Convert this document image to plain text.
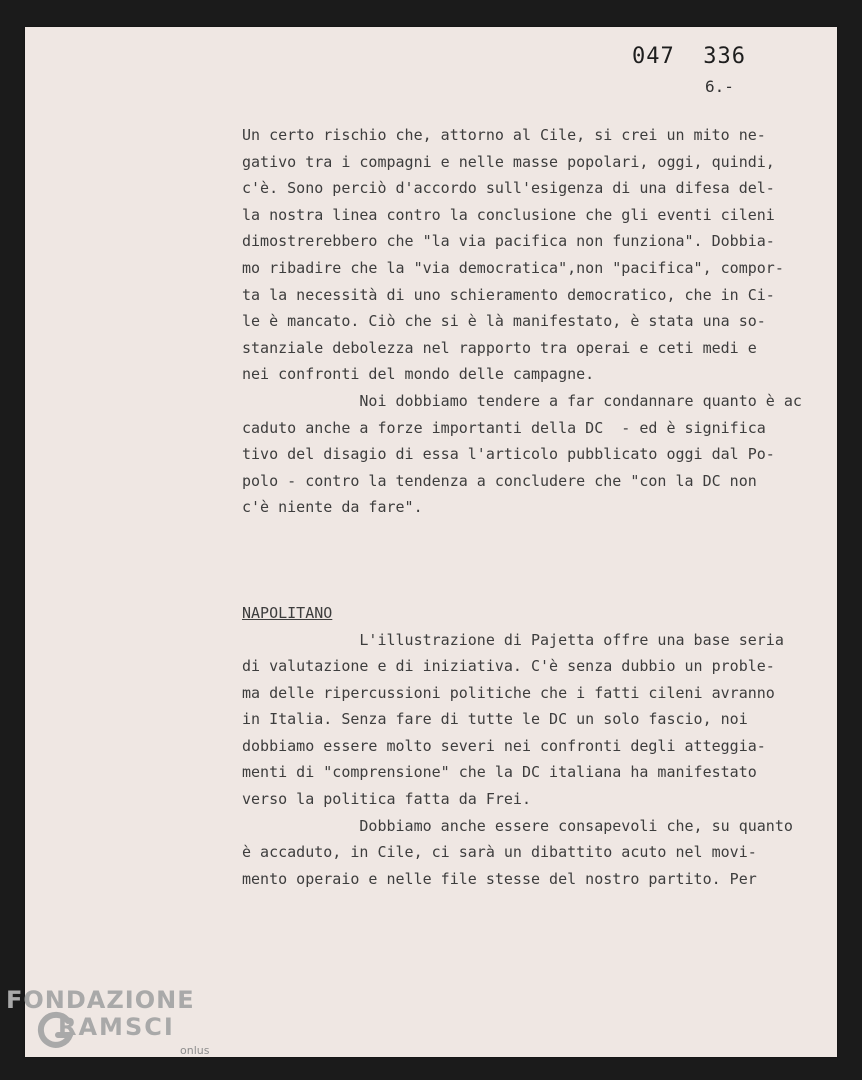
047  336
6.-
Un certo rischio che, attorno al Cile, si crei un mito ne-
gativo tra i compagni e nelle masse popolari, oggi, quindi,
c'è. Sono perciò d'accordo sull'esigenza di una difesa del-
la nostra linea contro la conclusione che gli eventi cileni
dimostrerebbero che "la via pacifica non funziona". Dobbia-
mo ribadire che la "via democratica",non "pacifica", compor-
ta la necessità di uno schieramento democratico, che in Ci-
le è mancato. Ciò che si è là manifestato, è stata una so-
stanziale debolezza nel rapporto tra operai e ceti medi e
nei confronti del mondo delle campagne.
Noi dobbiamo tendere a far condannare quanto è ac
caduto anche a forze importanti della DC  - ed è significa
tivo del disagio di essa l'articolo pubblicato oggi dal Po-
polo - contro la tendenza a concludere che "con la DC non
c'è niente da fare".
NAPOLITANO
L'illustrazione di Pajetta offre una base seria
di valutazione e di iniziativa. C'è senza dubbio un proble-
ma delle ripercussioni politiche che i fatti cileni avranno
in Italia. Senza fare di tutte le DC un solo fascio, noi
dobbiamo essere molto severi nei confronti degli atteggia-
menti di "comprensione" che la DC italiana ha manifestato
verso la politica fatta da Frei.
Dobbiamo anche essere consapevoli che, su quanto
è accaduto, in Cile, ci sarà un dibattito acuto nel movi-
mento operaio e nelle file stesse del nostro partito. Per
FONDAZIONE
RAMSCI
onlus
